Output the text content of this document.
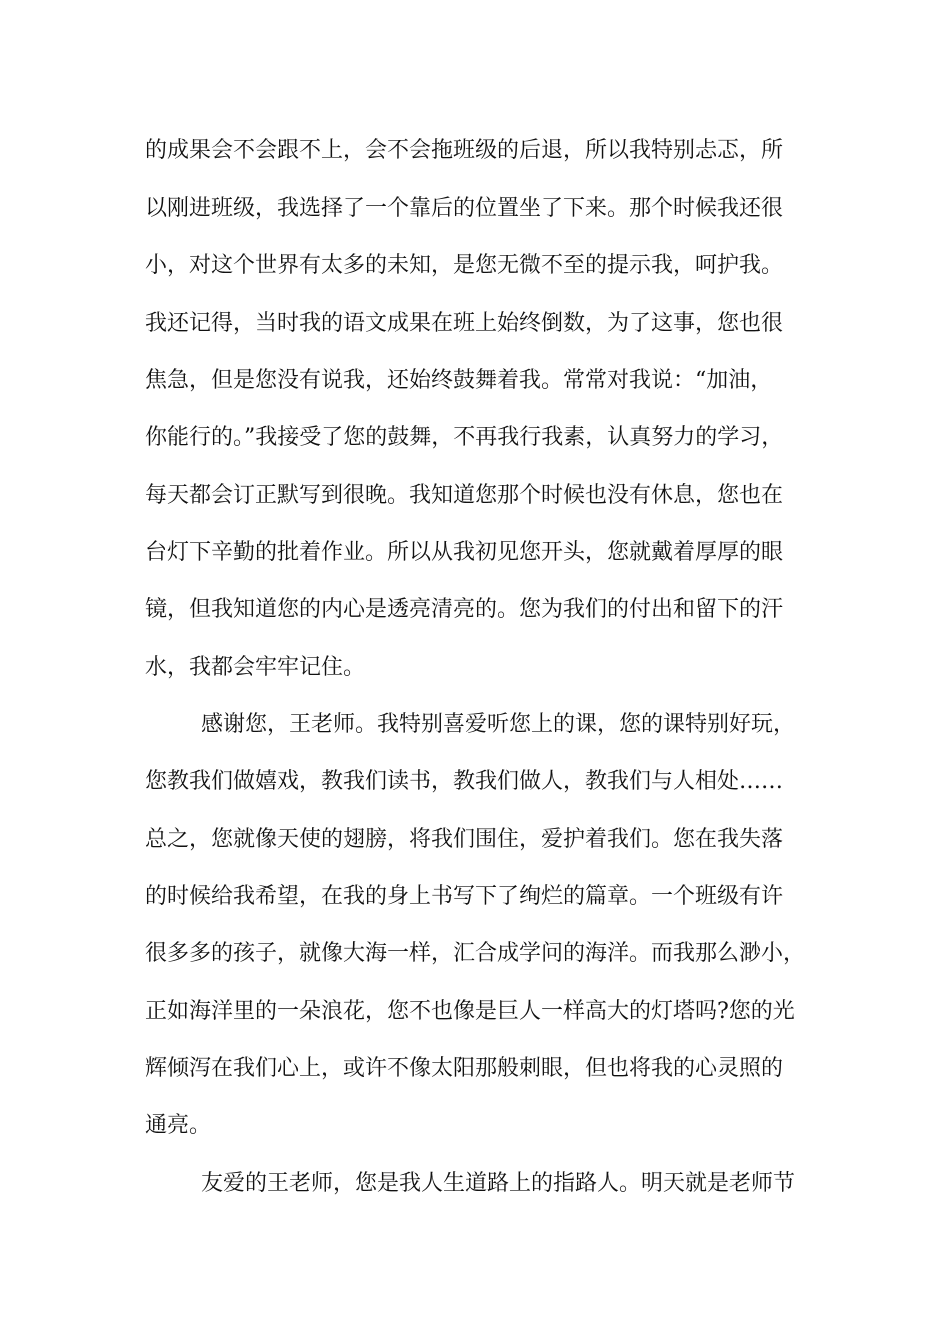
的成果会不会跟不上，会不会拖班级的后退，所以我特别忐忑，所
以刚进班级，我选择了一个靠后的位置坐了下来。那个时候我还很
小，对这个世界有太多的未知，是您无微不至的提示我，呵护我。
我还记得，当时我的语文成果在班上始终倒数，为了这事，您也很
焦急，但是您没有说我，还始终鼓舞着我。常常对我说：“加油，
你能行的。”我接受了您的鼓舞，不再我行我素，认真努力的学习，
每天都会订正默写到很晚。我知道您那个时候也没有休息，您也在
台灯下辛勤的批着作业。所以从我初见您开头，您就戴着厚厚的眼
镜，但我知道您的内心是透亮清亮的。您为我们的付出和留下的汗
水，我都会牢牢记住。
感谢您，王老师。我特别喜爱听您上的课，您的课特别好玩，
您教我们做嬉戏，教我们读书，教我们做人，教我们与人相处……
总之，您就像天使的翅膀，将我们围住，爱护着我们。您在我失落
的时候给我希望，在我的身上书写下了绚烂的篇章。一个班级有许
很多多的孩子，就像大海一样，汇合成学问的海洋。而我那么渺小，
正如海洋里的一朵浪花，您不也像是巨人一样高大的灯塔吗?您的光
辉倾泻在我们心上，或许不像太阳那般刺眼，但也将我的心灵照的
通亮。
友爱的王老师，您是我人生道路上的指路人。明天就是老师节
